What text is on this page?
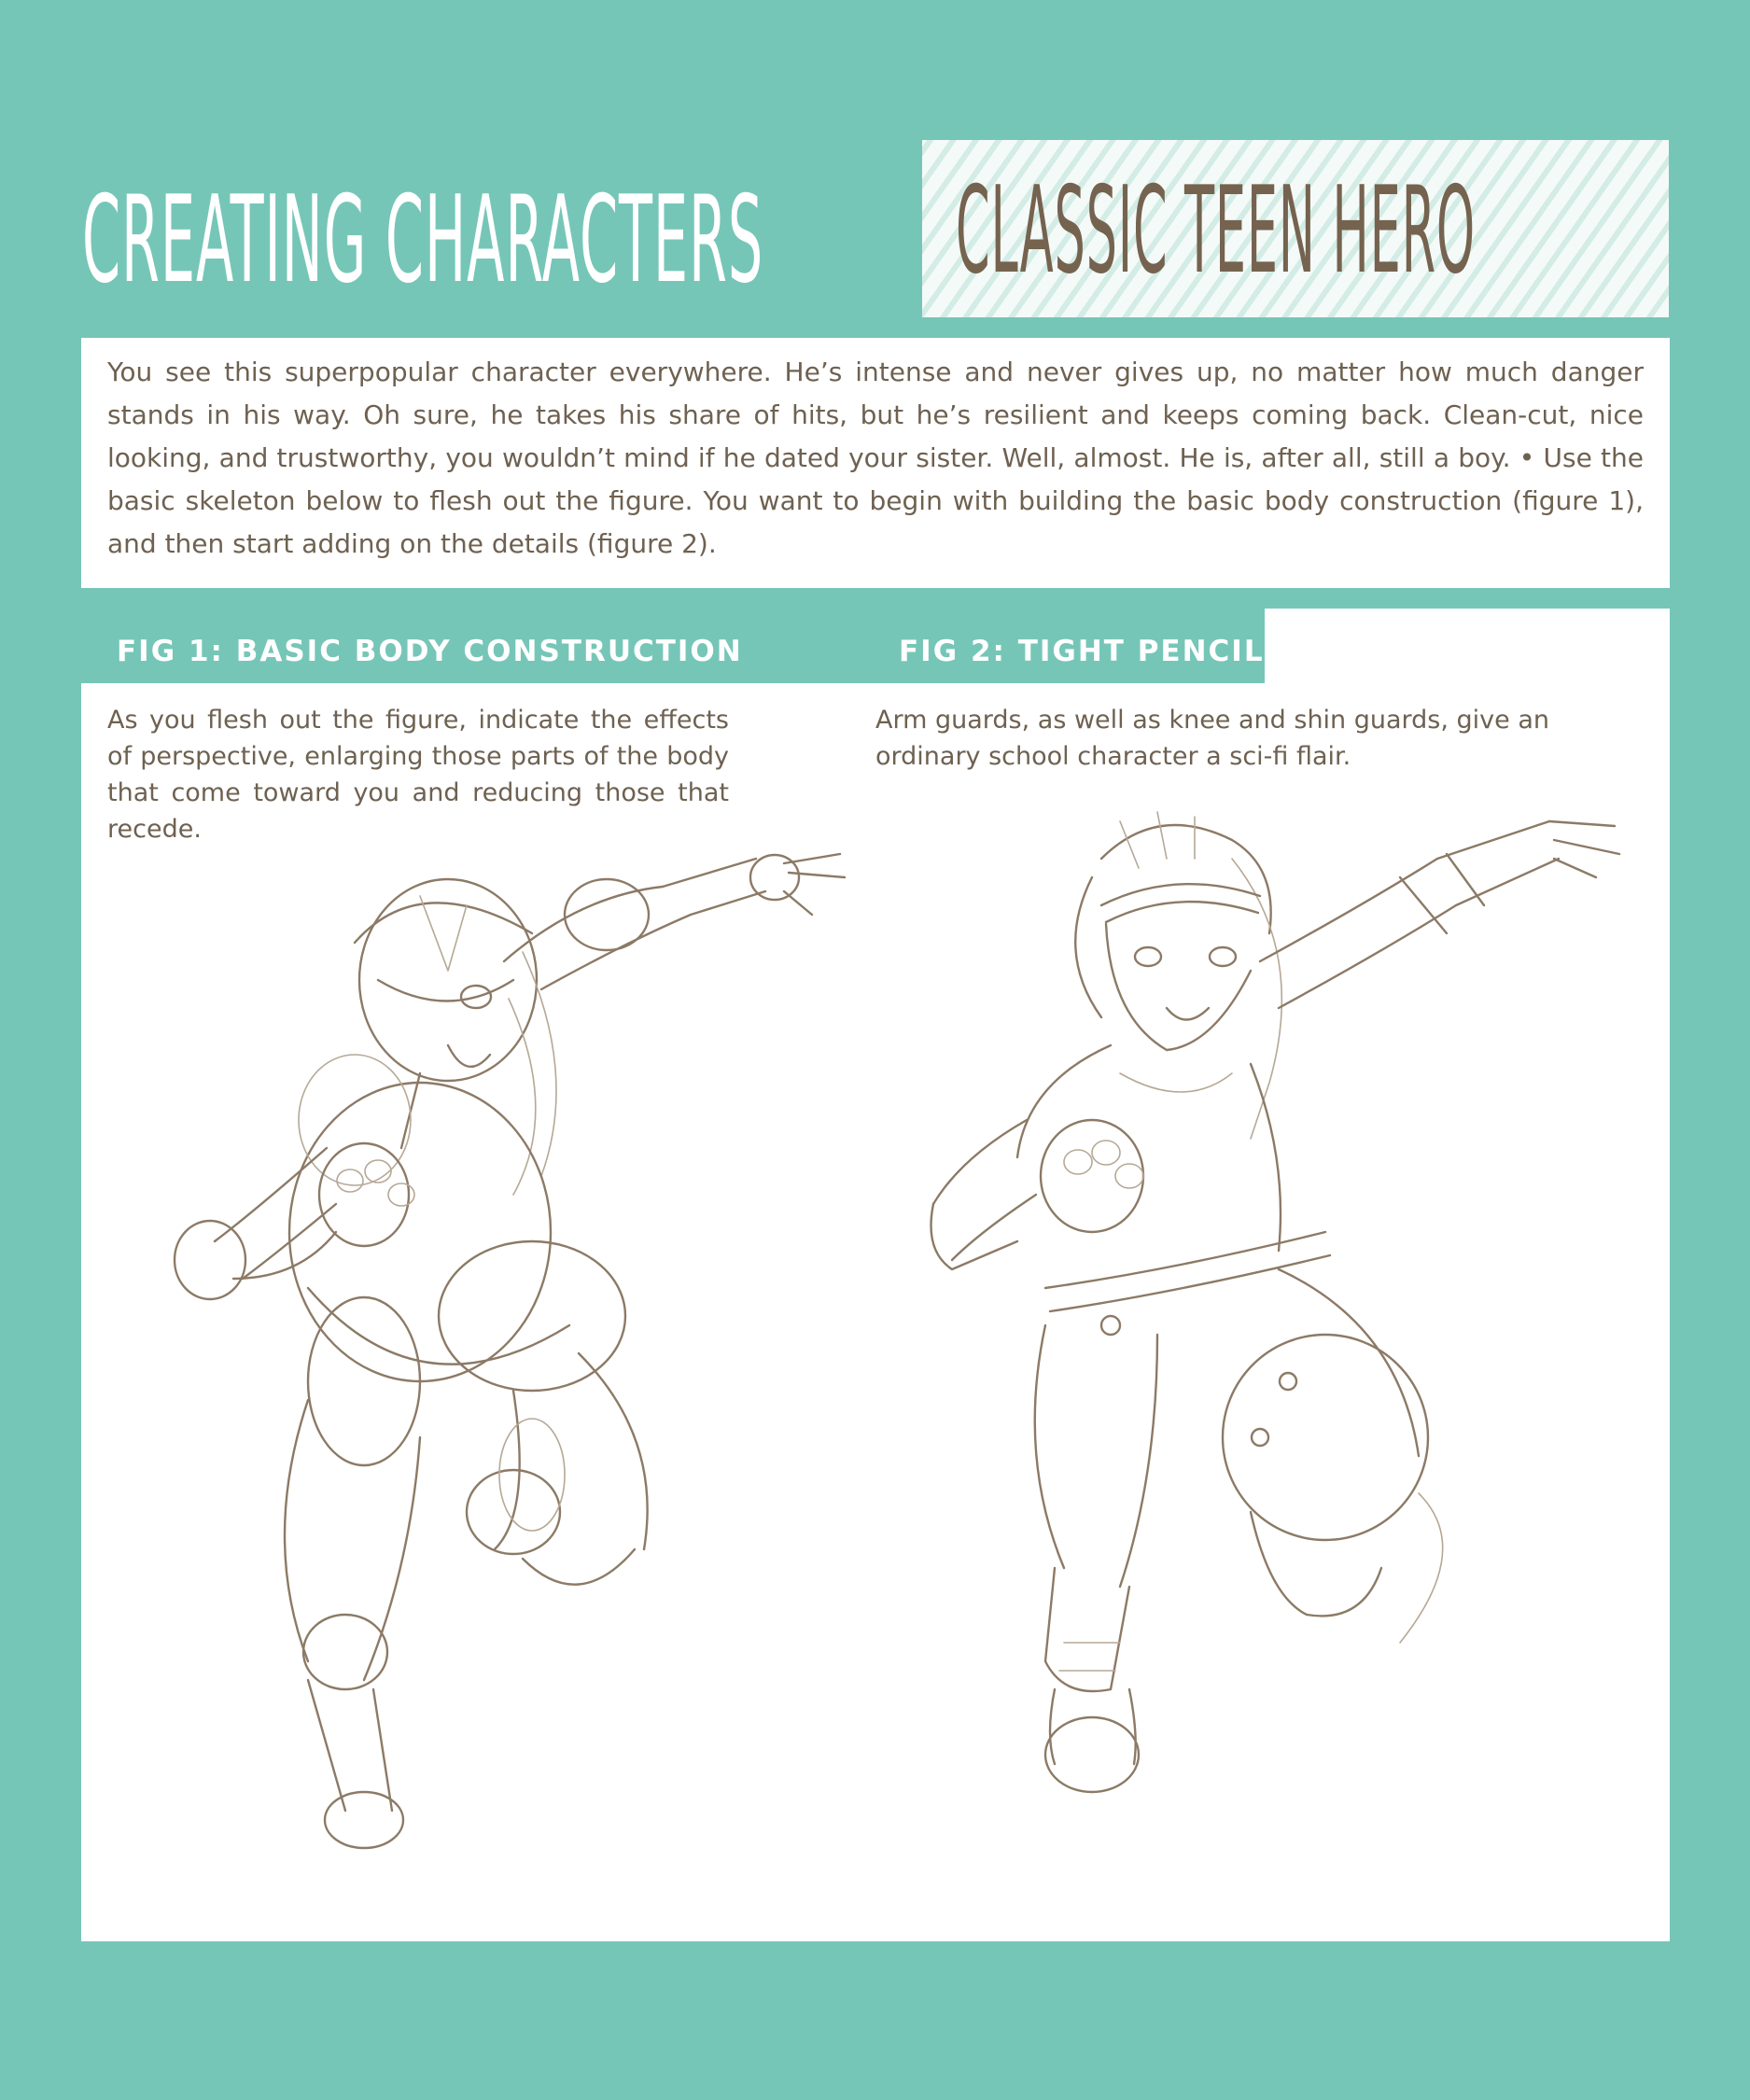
CREATING CHARACTERS CLASSIC TEEN HERO

You see this superpopular character everywhere. He’s intense and never gives up, no matter how much danger stands in his way. Oh sure, he takes his share of hits, but he’s resilient and keeps coming back. Clean-cut, nice looking, and trustworthy, you wouldn’t mind if he dated your sister. Well, almost. He is, after all, still a boy. • Use the basic skeleton below to flesh out the figure. You want to begin with building the basic body construction (figure 1), and then start adding on the details (figure 2).

FIG 1: BASIC BODY CONSTRUCTION	FIG 2: TIGHT PENCIL

As you flesh out the figure, indicate the effects of perspective, enlarging those parts of the body that come toward you and reducing those that recede.

Arm guards, as well as knee and shin guards, give an ordinary school character a sci-fi flair.
